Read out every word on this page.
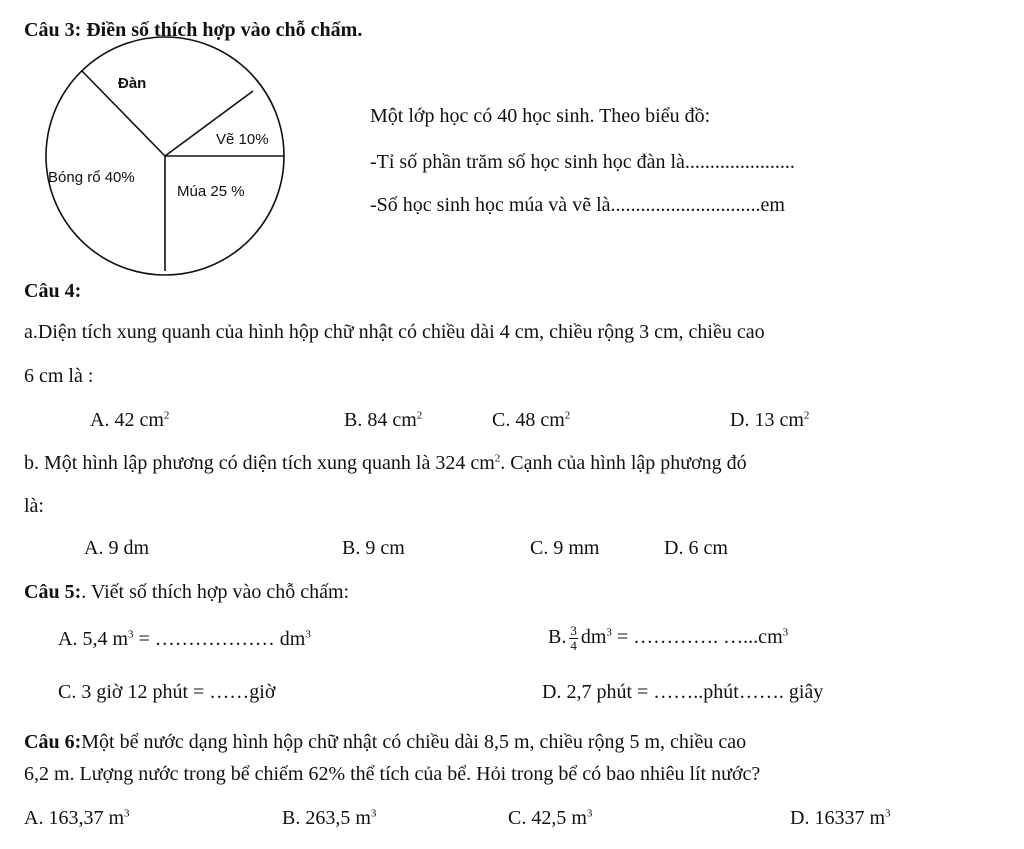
Câu 3: Điền số thích hợp vào chỗ chấm.
Đàn
Vẽ 10%
Bóng rổ 40%
Múa 25 %
Một lớp học có 40 học sinh. Theo biểu đồ:
-Tỉ số phần trăm số học sinh học đàn là......................
-Số học sinh học múa và vẽ là..............................em
Câu 4:
a.Diện tích xung quanh của hình hộp chữ nhật có chiều dài 4 cm, chiều rộng 3 cm, chiều cao
6 cm là :
A. 42 $cm^2$	B. 84 $cm^2$	C. 48 $cm^2$	D. 13 $cm^2$
b. Một hình lập phương có diện tích xung quanh là 324 $cm^2$. Cạnh của hình lập phương đó
là:
A. 9 dm	B. 9 cm	C. 9 mm	D. 6 cm
Câu 5:. Viết số thích hợp vào chỗ chấm:
A. 5,4 $m^3$ = ……………… $dm^3$	B. $\frac{3}{4} dm^3$ = …………. $\dots...cm^3$
C. 3 giờ 12 phút = ……giờ	D. 2,7 phút = ……..phút……. giây
Câu 6:Một bể nước dạng hình hộp chữ nhật có chiều dài 8,5 m, chiều rộng 5 m, chiều cao
6,2 m. Lượng nước trong bể chiếm 62% thể tích của bể. Hỏi trong bể có bao nhiêu lít nước?
A. 163,37 $m^3$	B. 263,5 $m^3$	C. 42,5 $m^3$	D. 16337 $m^3$
